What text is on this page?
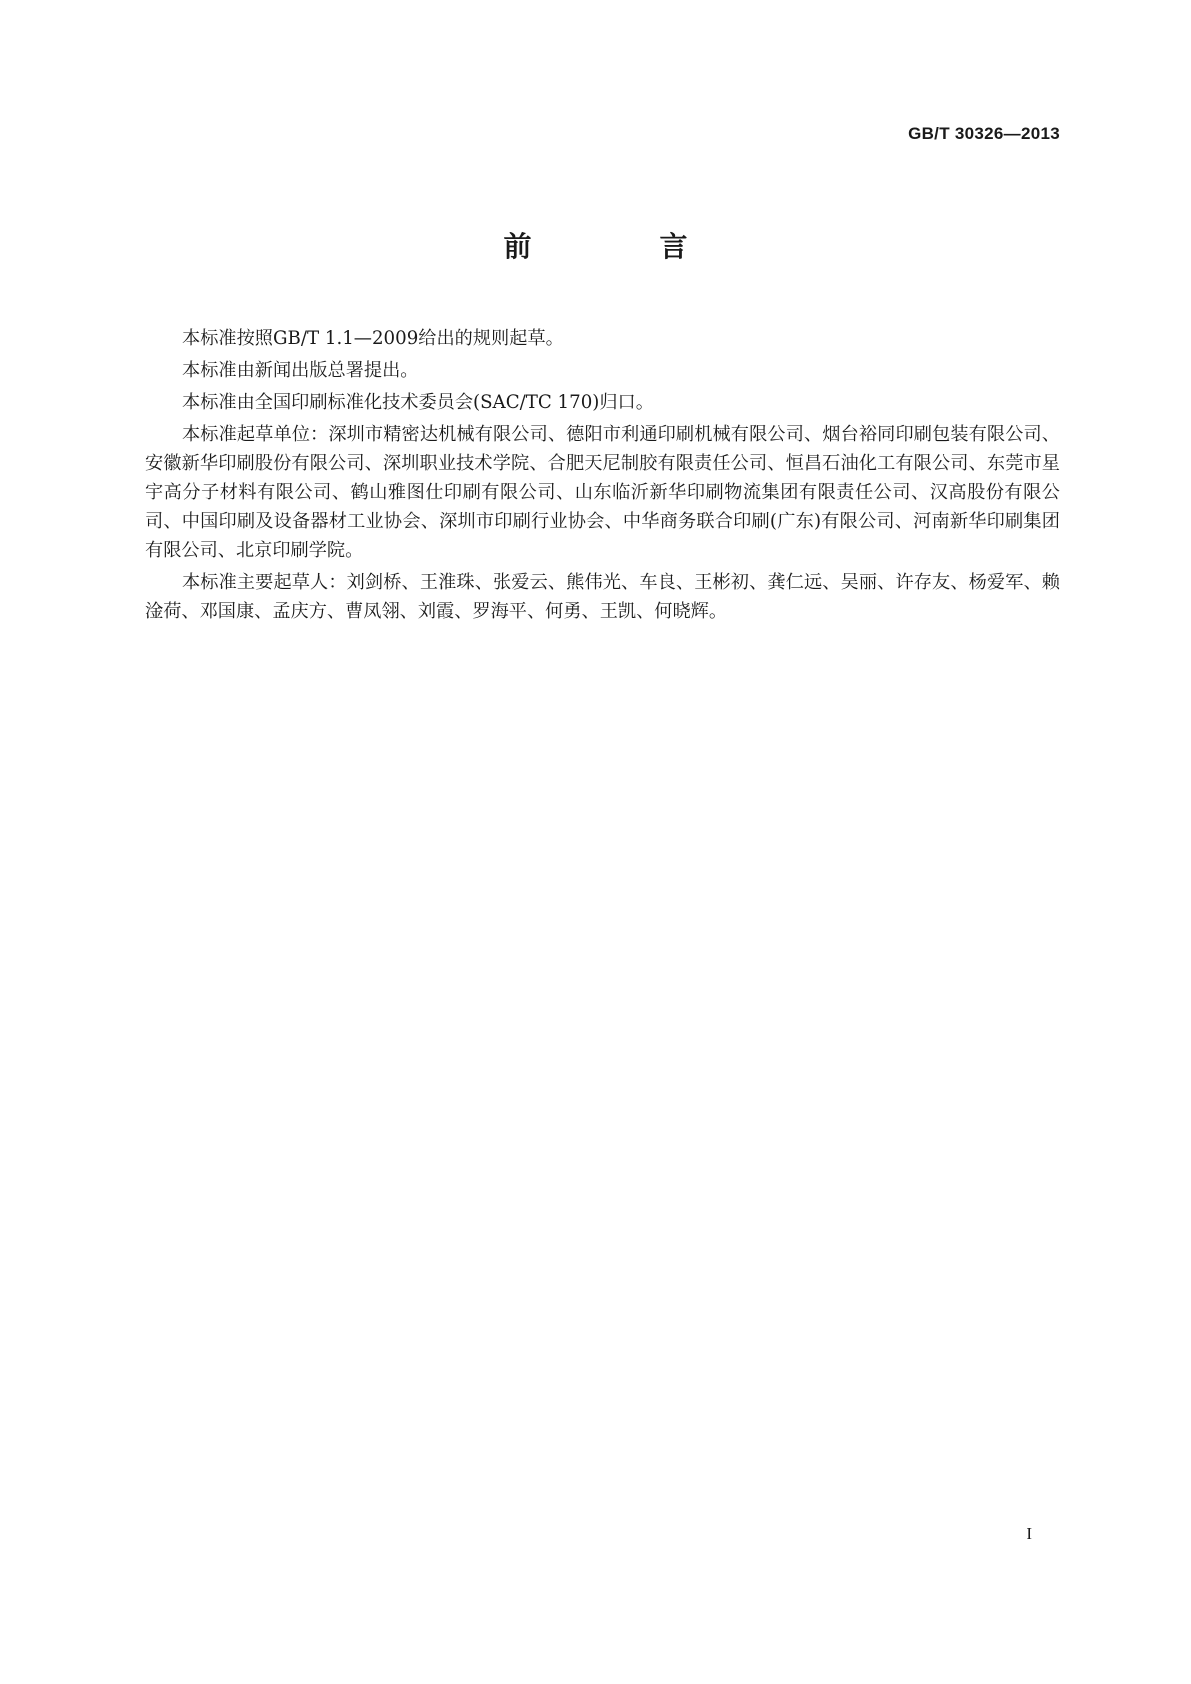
GB/T 30326—2013
前　言

本标准按照GB/T 1.1—2009给出的规则起草。

本标准由新闻出版总署提出。

本标准由全国印刷标准化技术委员会(SAC/TC 170)归口。

本标准起草单位：深圳市精密达机械有限公司、德阳市利通印刷机械有限公司、烟台裕同印刷包装有限公司、安徽新华印刷股份有限公司、深圳职业技术学院、合肥天尼制胶有限责任公司、恒昌石油化工有限公司、东莞市星宇高分子材料有限公司、鹤山雅图仕印刷有限公司、山东临沂新华印刷物流集团有限责任公司、汉高股份有限公司、中国印刷及设备器材工业协会、深圳市印刷行业协会、中华商务联合印刷(广东)有限公司、河南新华印刷集团有限公司、北京印刷学院。

本标准主要起草人：刘剑桥、王淮珠、张爱云、熊伟光、车良、王彬初、龚仁远、吴丽、许存友、杨爱军、赖淦荷、邓国康、孟庆方、曹凤翎、刘霞、罗海平、何勇、王凯、何晓辉。

I
